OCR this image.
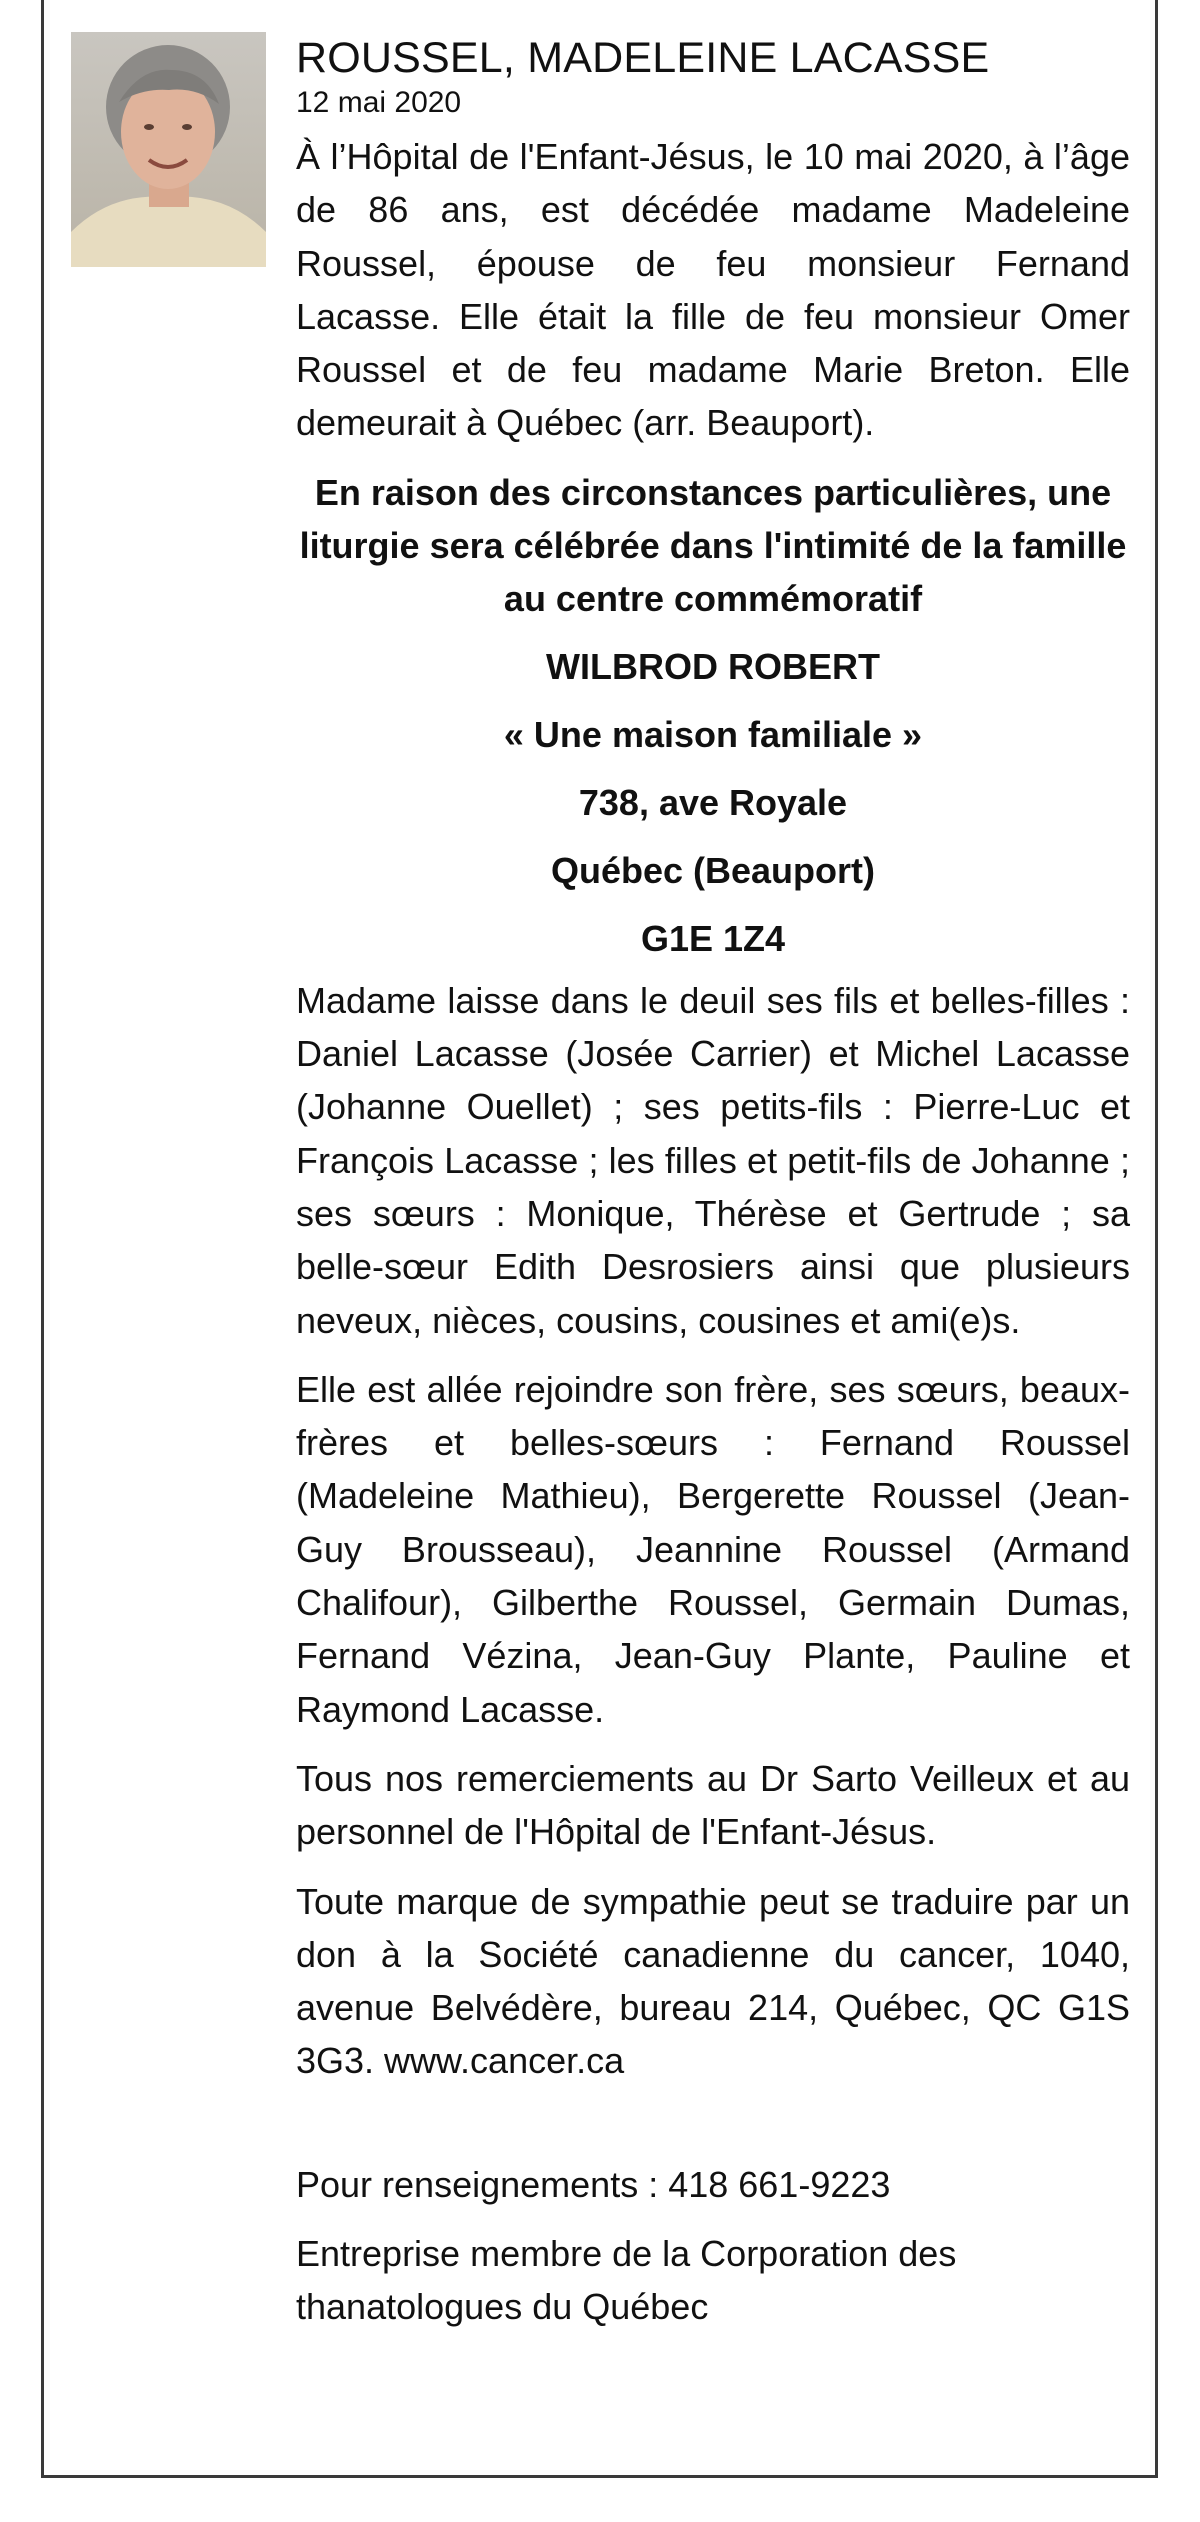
ROUSSEL, MADELEINE LACASSE
12 mai 2020

À l’Hôpital de l'Enfant-Jésus, le 10 mai 2020, à l’âge de 86 ans, est décédée madame Madeleine Roussel, épouse de feu monsieur Fernand Lacasse. Elle était la fille de feu monsieur Omer Roussel et de feu madame Marie Breton. Elle demeurait à Québec (arr. Beauport).

En raison des circonstances particulières, une liturgie sera célébrée dans l'intimité de la famille au centre commémoratif

WILBROD ROBERT

« Une maison familiale »

738, ave Royale

Québec (Beauport)

G1E 1Z4

Madame laisse dans le deuil ses fils et belles-filles : Daniel Lacasse (Josée Carrier) et Michel Lacasse (Johanne Ouellet) ; ses petits-fils : Pierre-Luc et François Lacasse ; les filles et petit-fils de Johanne ; ses sœurs : Monique, Thérèse et Gertrude ; sa belle-sœur Edith Desrosiers ainsi que plusieurs neveux, nièces, cousins, cousines et ami(e)s.

Elle est allée rejoindre son frère, ses sœurs, beaux-frères et belles-sœurs : Fernand Roussel (Madeleine Mathieu), Bergerette Roussel (Jean-Guy Brousseau), Jeannine Roussel (Armand Chalifour), Gilberthe Roussel, Germain Dumas, Fernand Vézina, Jean-Guy Plante, Pauline et Raymond Lacasse.

Tous nos remerciements au Dr Sarto Veilleux et au personnel de l'Hôpital de l'Enfant-Jésus.

Toute marque de sympathie peut se traduire par un don à la Société canadienne du cancer, 1040, avenue Belvédère, bureau 214, Québec, QC G1S 3G3. www.cancer.ca

Pour renseignements : 418 661-9223

Entreprise membre de la Corporation des thanatologues du Québec
